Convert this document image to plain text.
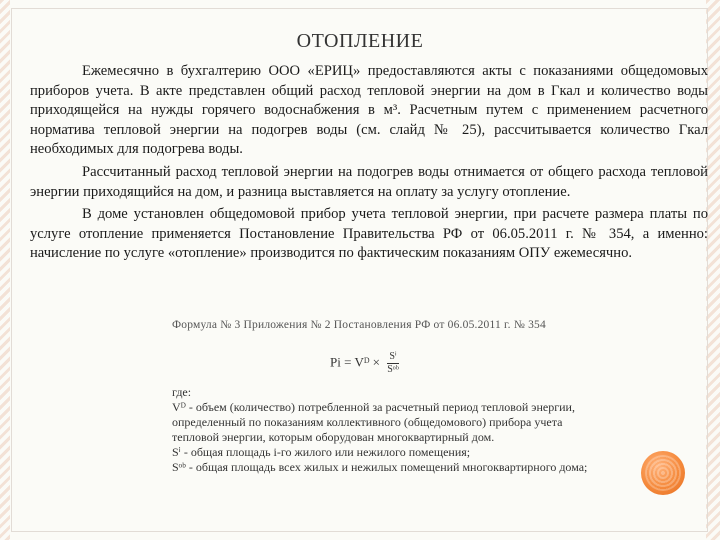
ОТОПЛЕНИЕ

Ежемесячно в бухгалтерию ООО «ЕРИЦ» предоставляются акты с показаниями общедомовых приборов учета. В акте представлен общий расход тепловой энергии на дом в Гкал и количество воды приходящейся на нужды горячего водоснабжения в м³. Расчетным путем с применением расчетного норматива тепловой энергии на подогрев воды (см. слайд № 25), рассчитывается количество Гкал необходимых для подогрева воды.

Рассчитанный расход тепловой энергии на подогрев воды отнимается от общего расхода тепловой энергии приходящийся на дом, и разница выставляется на оплату за услугу отопление.

В доме установлен общедомовой прибор учета тепловой энергии, при расчете размера платы по услуге отопление применяется Постановление Правительства РФ от 06.05.2011 г. № 354, а именно: начисление по услуге «отопление» производится по фактическим показаниям ОПУ ежемесячно.

Формула № 3 Приложения № 2 Постановления РФ от 06.05.2011 г. № 354
Pi = Vᴰ × $\frac{\text{Sⁱ}}{\text{Sᵒᵇ}}$
где:
Vᴰ - объем (количество) потребленной за расчетный период тепловой энергии, определенный по показаниям коллективного (общедомового) прибора учета тепловой энергии, которым оборудован многоквартирный дом.
Sⁱ - общая площадь i-го жилого или нежилого помещения;
Sᵒᵇ - общая площадь всех жилых и нежилых помещений многоквартирного дома;
